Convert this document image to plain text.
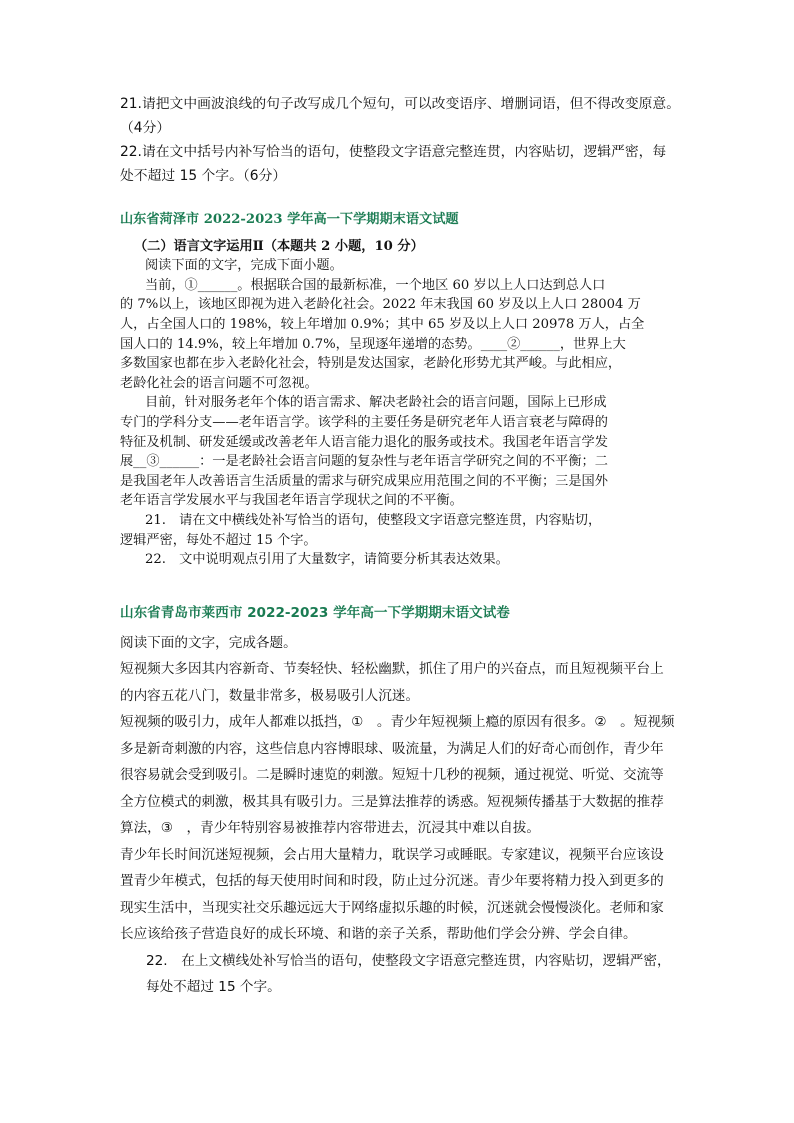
21.请把文中画波浪线的句子改写成几个短句，可以改变语序、增删词语，但不得改变原意。

（4分）

22.请在文中括号内补写恰当的语句，使整段文字语意完整连贯，内容贴切，逻辑严密，每

处不超过 15 个字。（6分）

山东省菏泽市 2022-2023 学年高一下学期期末语文试题

（二）语言文字运用Ⅱ（本题共 2 小题，10 分）

阅读下面的文字，完成下面小题。

当前，①______。根据联合国的最新标准，一个地区 60 岁以上人口达到总人口

的 7%以上，该地区即视为进入老龄化社会。2022 年末我国 60 岁及以上人口 28004 万

人，占全国人口的 198%，较上年增加 0.9%；其中 65 岁及以上人口 20978 万人，占全

国人口的 14.9%，较上年增加 0.7%，呈现逐年递增的态势。____②______，世界上大

多数国家也都在步入老龄化社会，特别是发达国家，老龄化形势尤其严峻。与此相应，

老龄化社会的语言问题不可忽视。

目前，针对服务老年个体的语言需求、解决老龄社会的语言问题，国际上已形成

专门的学科分支——老年语言学。该学科的主要任务是研究老年人语言衰老与障碍的

特征及机制、研发延缓或改善老年人语言能力退化的服务或技术。我国老年语言学发

展__③______：一是老龄社会语言问题的复杂性与老年语言学研究之间的不平衡；二

是我国老年人改善语言生活质量的需求与研究成果应用范围之间的不平衡；三是国外

老年语言学发展水平与我国老年语言学现状之间的不平衡。

21.　请在文中横线处补写恰当的语句，使整段文字语意完整连贯，内容贴切，

逻辑严密，每处不超过 15 个字。

22.　文中说明观点引用了大量数字，请简要分析其表达效果。

山东省青岛市莱西市 2022-2023 学年高一下学期期末语文试卷

阅读下面的文字，完成各题。

短视频大多因其内容新奇、节奏轻快、轻松幽默，抓住了用户的兴奋点，而且短视频平台上

的内容五花八门，数量非常多，极易吸引人沉迷。

短视频的吸引力，成年人都难以抵挡，①　。青少年短视频上瘾的原因有很多。②　。短视频

多是新奇刺激的内容，这些信息内容博眼球、吸流量，为满足人们的好奇心而创作，青少年

很容易就会受到吸引。二是瞬时速览的刺激。短短十几秒的视频，通过视觉、听觉、交流等

全方位模式的刺激，极其具有吸引力。三是算法推荐的诱惑。短视频传播基于大数据的推荐

算法，③　，青少年特别容易被推荐内容带进去，沉浸其中难以自拔。

青少年长时间沉迷短视频，会占用大量精力，耽误学习或睡眠。专家建议，视频平台应该设

置青少年模式，包括的每天使用时间和时段，防止过分沉迷。青少年要将精力投入到更多的

现实生活中，当现实社交乐趣远远大于网络虚拟乐趣的时候，沉迷就会慢慢淡化。老师和家

长应该给孩子营造良好的成长环境、和谐的亲子关系，帮助他们学会分辨、学会自律。

22.　在上文横线处补写恰当的语句，使整段文字语意完整连贯，内容贴切，逻辑严密，

每处不超过 15 个字。
